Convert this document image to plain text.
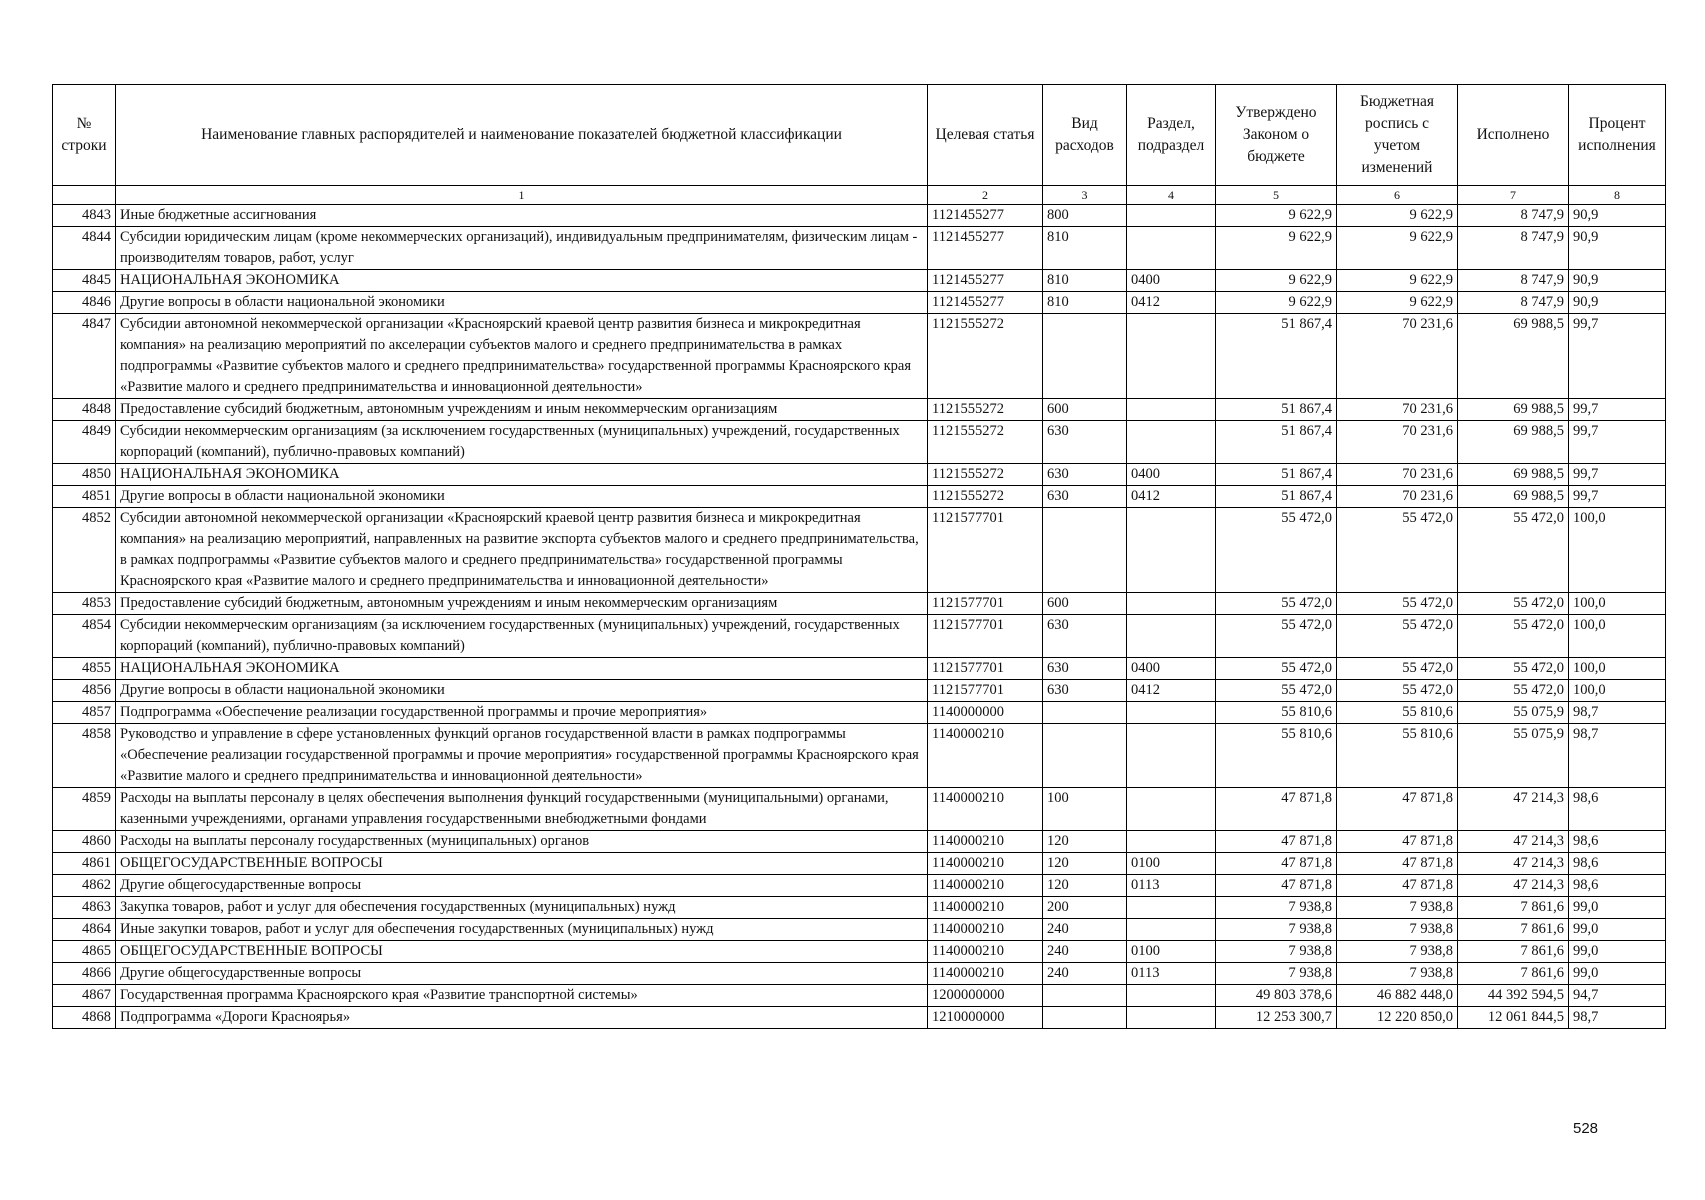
№ строки	Наименование главных распорядителей и наименование показателей бюджетной классификации	Целевая статья	Вид расходов	Раздел, подраздел	Утверждено Законом о бюджете	Бюджетная роспись с учетом изменений	Исполнено	Процент исполнения
	1	2	3	4	5	6	7	8
4843	Иные бюджетные ассигнования	1121455277	800		9 622,9	9 622,9	8 747,9	90,9
4844	Субсидии юридическим лицам (кроме некоммерческих организаций), индивидуальным предпринимателям, физическим лицам - производителям товаров, работ, услуг	1121455277	810		9 622,9	9 622,9	8 747,9	90,9
4845	НАЦИОНАЛЬНАЯ ЭКОНОМИКА	1121455277	810	0400	9 622,9	9 622,9	8 747,9	90,9
4846	Другие вопросы в области национальной экономики	1121455277	810	0412	9 622,9	9 622,9	8 747,9	90,9
4847	Субсидии автономной некоммерческой организации «Красноярский краевой центр развития бизнеса и микрокредитная компания» на реализацию мероприятий по акселерации субъектов малого и среднего предпринимательства в рамках подпрограммы «Развитие субъектов малого и среднего предпринимательства» государственной программы Красноярского края «Развитие малого и среднего предпринимательства и инновационной деятельности»	1121555272			51 867,4	70 231,6	69 988,5	99,7
4848	Предоставление субсидий бюджетным, автономным учреждениям и иным некоммерческим организациям	1121555272	600		51 867,4	70 231,6	69 988,5	99,7
4849	Субсидии некоммерческим организациям (за исключением государственных (муниципальных) учреждений, государственных корпораций (компаний), публично-правовых компаний)	1121555272	630		51 867,4	70 231,6	69 988,5	99,7
4850	НАЦИОНАЛЬНАЯ ЭКОНОМИКА	1121555272	630	0400	51 867,4	70 231,6	69 988,5	99,7
4851	Другие вопросы в области национальной экономики	1121555272	630	0412	51 867,4	70 231,6	69 988,5	99,7
4852	Субсидии автономной некоммерческой организации «Красноярский краевой центр развития бизнеса и микрокредитная компания» на реализацию мероприятий, направленных на развитие экспорта субъектов малого и среднего предпринимательства, в рамках подпрограммы «Развитие субъектов малого и среднего предпринимательства» государственной программы Красноярского края «Развитие малого и среднего предпринимательства и инновационной деятельности»	1121577701			55 472,0	55 472,0	55 472,0	100,0
4853	Предоставление субсидий бюджетным, автономным учреждениям и иным некоммерческим организациям	1121577701	600		55 472,0	55 472,0	55 472,0	100,0
4854	Субсидии некоммерческим организациям (за исключением государственных (муниципальных) учреждений, государственных корпораций (компаний), публично-правовых компаний)	1121577701	630		55 472,0	55 472,0	55 472,0	100,0
4855	НАЦИОНАЛЬНАЯ ЭКОНОМИКА	1121577701	630	0400	55 472,0	55 472,0	55 472,0	100,0
4856	Другие вопросы в области национальной экономики	1121577701	630	0412	55 472,0	55 472,0	55 472,0	100,0
4857	Подпрограмма «Обеспечение реализации государственной программы и прочие мероприятия»	1140000000			55 810,6	55 810,6	55 075,9	98,7
4858	Руководство и управление в сфере установленных функций органов государственной власти в рамках подпрограммы «Обеспечение реализации государственной программы и прочие мероприятия» государственной программы Красноярского края «Развитие малого и среднего предпринимательства и инновационной деятельности»	1140000210			55 810,6	55 810,6	55 075,9	98,7
4859	Расходы на выплаты персоналу в целях обеспечения выполнения функций государственными (муниципальными) органами, казенными учреждениями, органами управления государственными внебюджетными фондами	1140000210	100		47 871,8	47 871,8	47 214,3	98,6
4860	Расходы на выплаты персоналу государственных (муниципальных) органов	1140000210	120		47 871,8	47 871,8	47 214,3	98,6
4861	ОБЩЕГОСУДАРСТВЕННЫЕ ВОПРОСЫ	1140000210	120	0100	47 871,8	47 871,8	47 214,3	98,6
4862	Другие общегосударственные вопросы	1140000210	120	0113	47 871,8	47 871,8	47 214,3	98,6
4863	Закупка товаров, работ и услуг для обеспечения государственных (муниципальных) нужд	1140000210	200		7 938,8	7 938,8	7 861,6	99,0
4864	Иные закупки товаров, работ и услуг для обеспечения государственных (муниципальных) нужд	1140000210	240		7 938,8	7 938,8	7 861,6	99,0
4865	ОБЩЕГОСУДАРСТВЕННЫЕ ВОПРОСЫ	1140000210	240	0100	7 938,8	7 938,8	7 861,6	99,0
4866	Другие общегосударственные вопросы	1140000210	240	0113	7 938,8	7 938,8	7 861,6	99,0
4867	Государственная программа Красноярского края «Развитие транспортной системы»	1200000000			49 803 378,6	46 882 448,0	44 392 594,5	94,7
4868	Подпрограмма «Дороги Красноярья»	1210000000			12 253 300,7	12 220 850,0	12 061 844,5	98,7
528
